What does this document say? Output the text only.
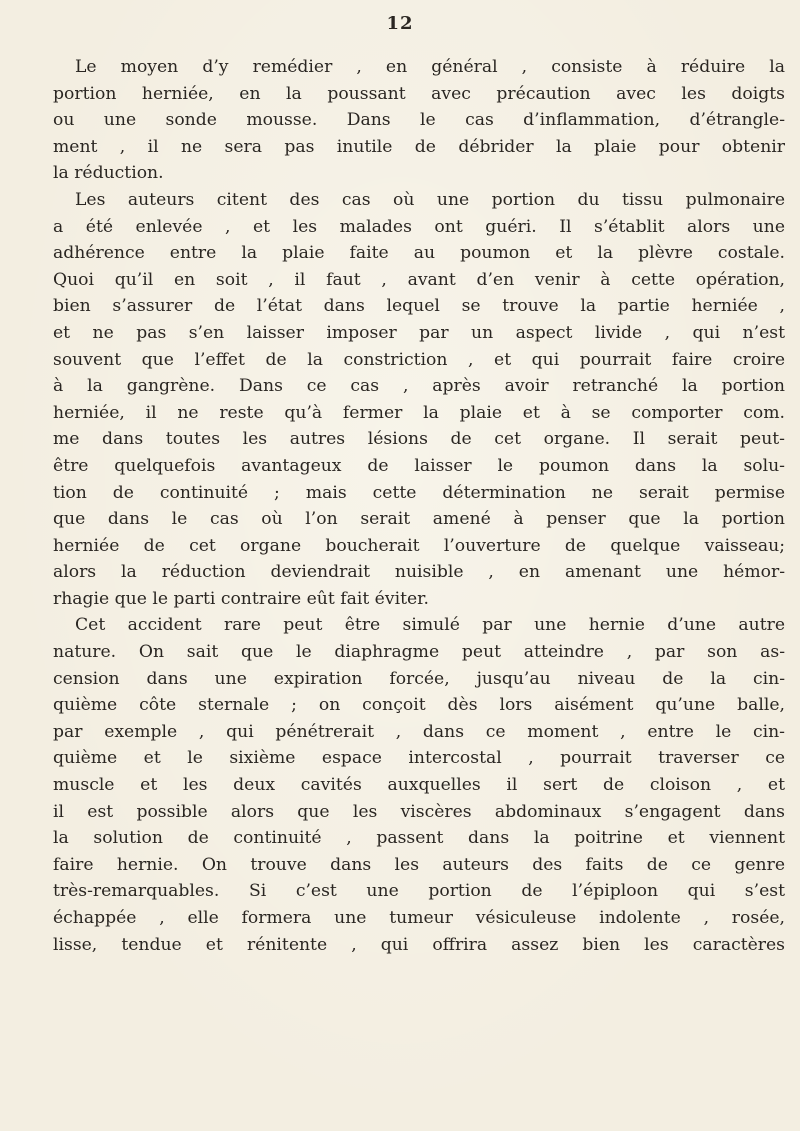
12
Le moyen d’y remédier , en général , consiste à réduire la
portion herniée, en la poussant avec précaution avec les doigts
ou une sonde mousse. Dans le cas d’inflammation, d’étrangle-
ment , il ne sera pas inutile de débrider la plaie pour obtenir
la réduction.
Les auteurs citent des cas où une portion du tissu pulmonaire
a été enlevée , et les malades ont guéri. Il s’établit alors une
adhérence entre la plaie faite au poumon et la plèvre costale.
Quoi qu’il en soit , il faut , avant d’en venir à cette opération,
bien s’assurer de l’état dans lequel se trouve la partie herniée ,
et ne pas s’en laisser imposer par un aspect livide , qui n’est
souvent que l’effet de la constriction , et qui pourrait faire croire
à la gangrène. Dans ce cas , après avoir retranché la portion
herniée, il ne reste qu’à fermer la plaie et à se comporter com.
me dans toutes les autres lésions de cet organe. Il serait peut-
être quelquefois avantageux de laisser le poumon dans la solu-
tion de continuité ; mais cette détermination ne serait permise
que dans le cas où l’on serait amené à penser que la portion
herniée de cet organe boucherait l’ouverture de quelque vaisseau;
alors la réduction deviendrait nuisible , en amenant une hémor-
rhagie que le parti contraire eût fait éviter.
Cet accident rare peut être simulé par une hernie d’une autre
nature. On sait que le diaphragme peut atteindre , par son as-
cension dans une expiration forcée, jusqu’au niveau de la cin-
quième côte sternale ; on conçoit dès lors aisément qu’une balle,
par exemple , qui pénétrerait , dans ce moment , entre le cin-
quième et le sixième espace intercostal , pourrait traverser ce
muscle et les deux cavités auxquelles il sert de cloison , et
il est possible alors que les viscères abdominaux s’engagent dans
la solution de continuité , passent dans la poitrine et viennent
faire hernie. On trouve dans les auteurs des faits de ce genre
très-remarquables. Si c’est une portion de l’épiploon qui s’est
échappée , elle formera une tumeur vésiculeuse indolente , rosée,
lisse, tendue et rénitente , qui offrira assez bien les caractères
